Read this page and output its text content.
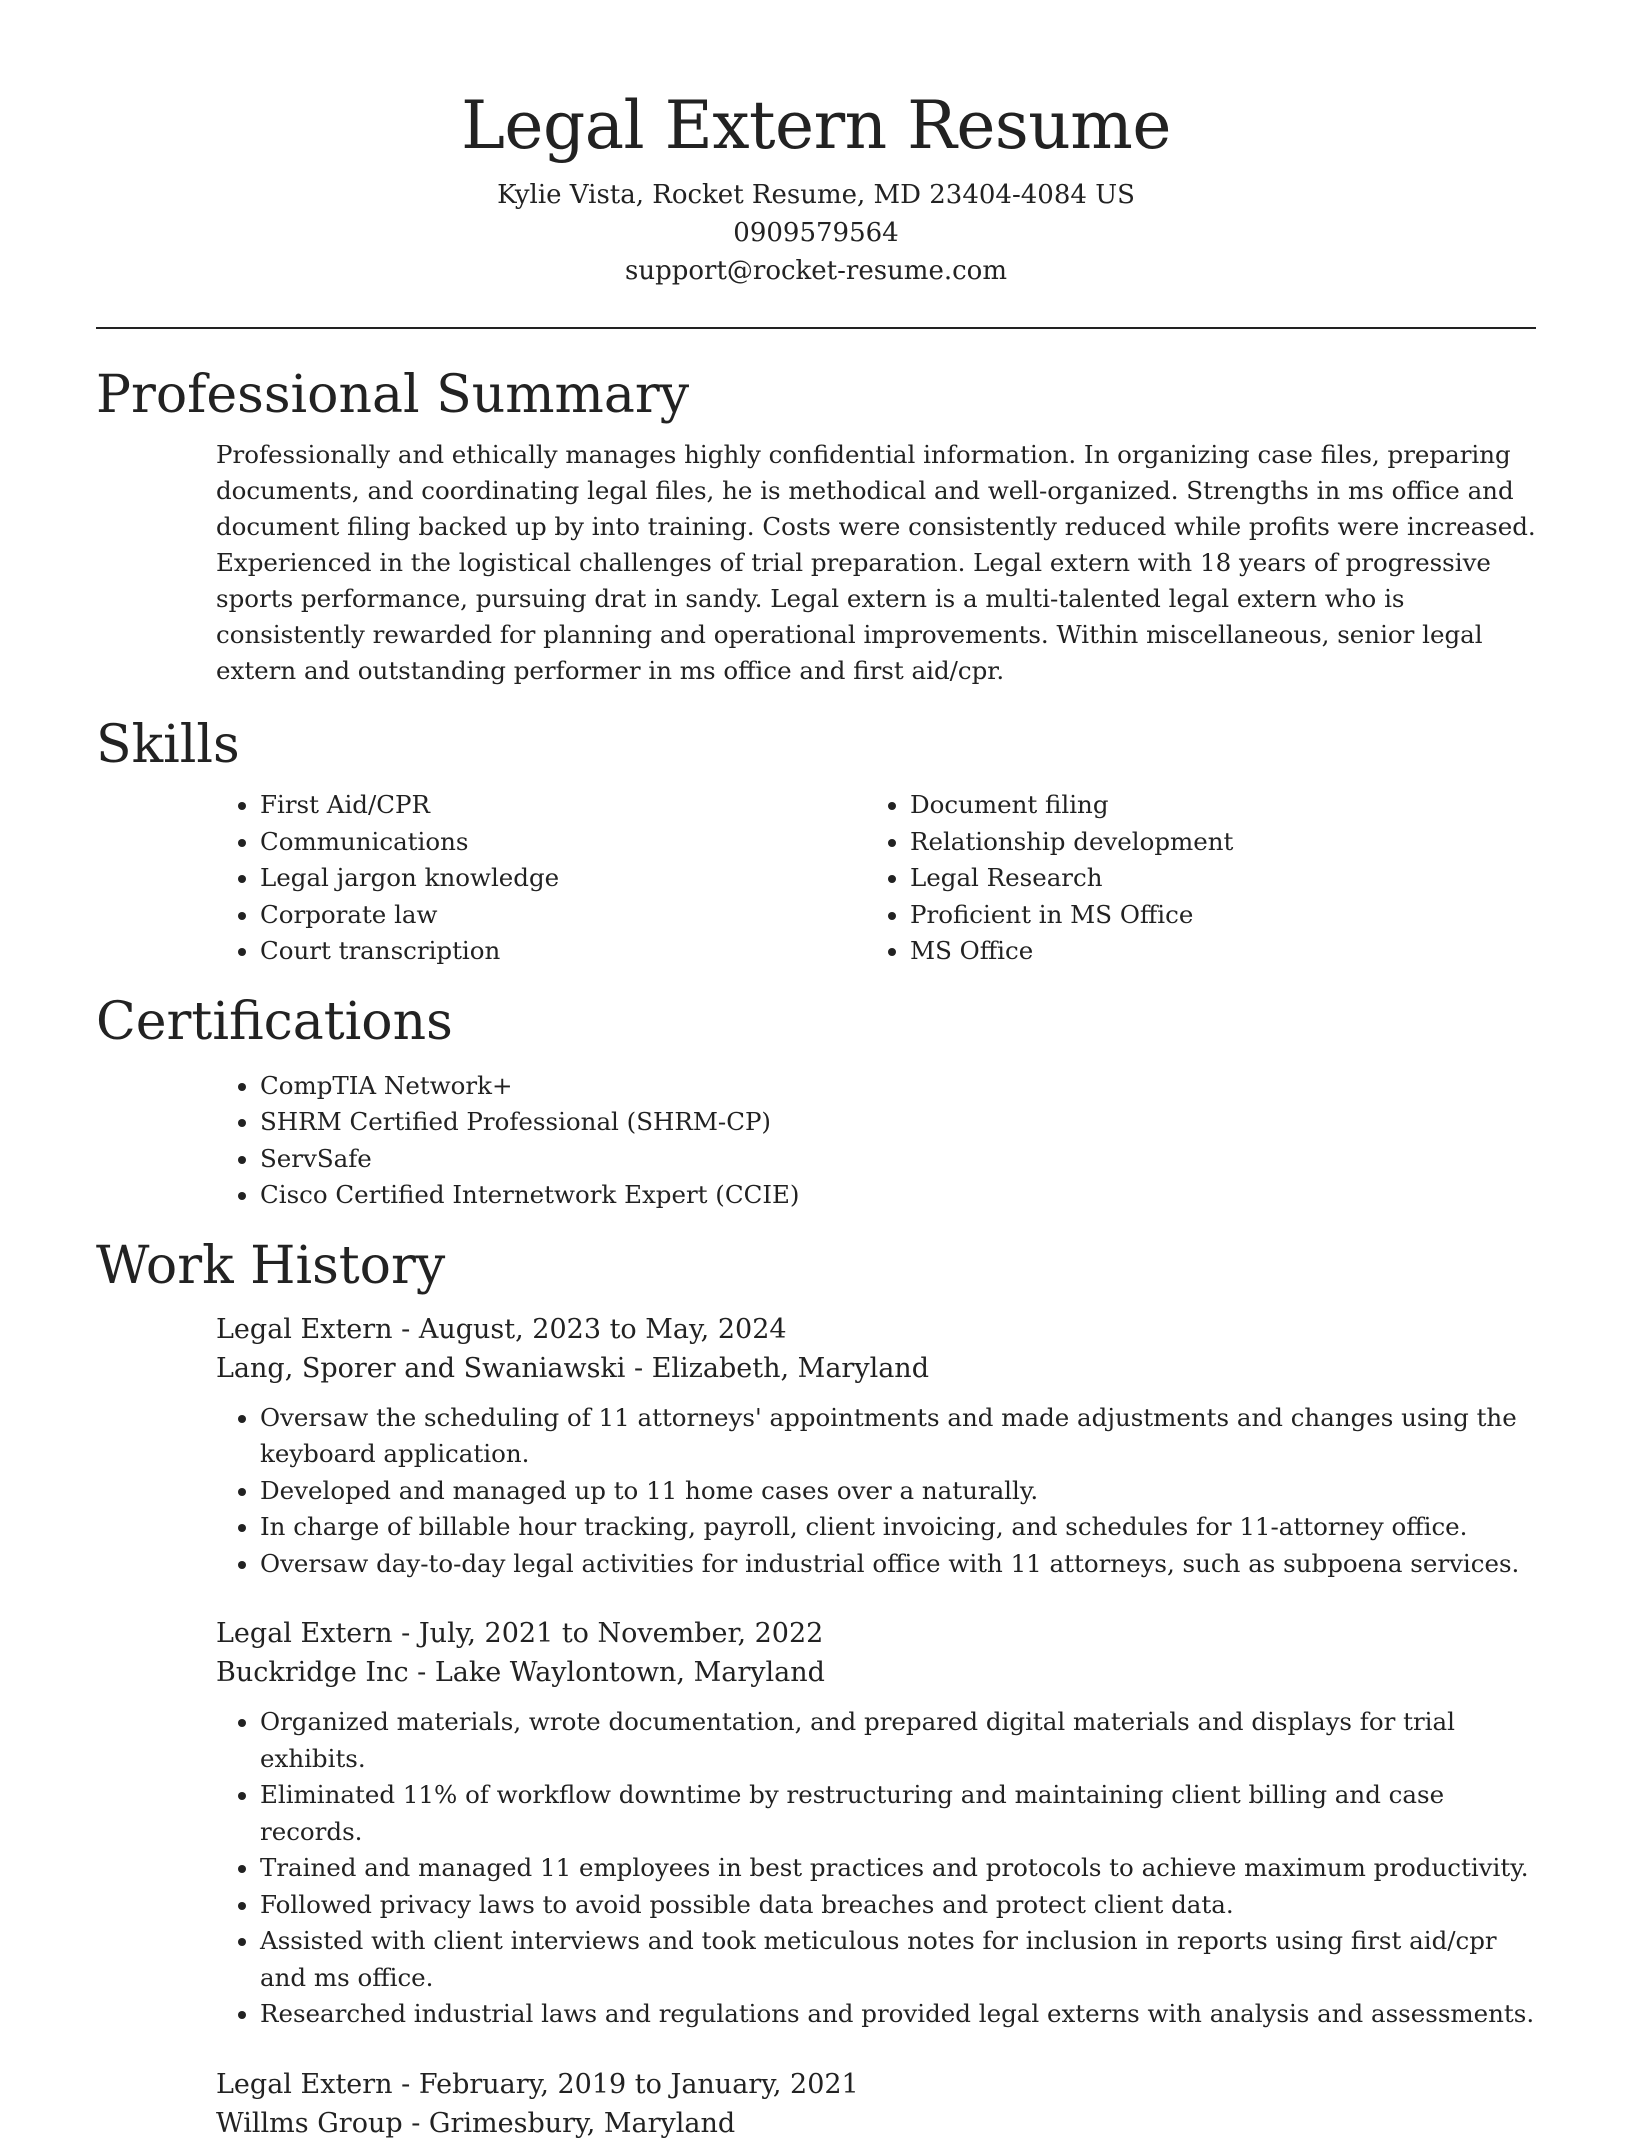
Legal Extern Resume
Kylie Vista, Rocket Resume, MD 23404-4084 US
0909579564
support@rocket-resume.com
Professional Summary

Professionally and ethically manages highly confidential information. In organizing case files, preparing documents, and coordinating legal files, he is methodical and well-organized. Strengths in ms office and document filing backed up by into training. Costs were consistently reduced while profits were increased. Experienced in the logistical challenges of trial preparation. Legal extern with 18 years of progressive sports performance, pursuing drat in sandy. Legal extern is a multi-talented legal extern who is consistently rewarded for planning and operational improvements. Within miscellaneous, senior legal extern and outstanding performer in ms office and first aid/cpr.

Skills
• First Aid/CPR
• Communications
• Legal jargon knowledge
• Corporate law
• Court transcription
• Document filing
• Relationship development
• Legal Research
• Proficient in MS Office
• MS Office
Certifications
• CompTIA Network+
• SHRM Certified Professional (SHRM-CP)
• ServSafe
• Cisco Certified Internetwork Expert (CCIE)
Work History
Legal Extern - August, 2023 to May, 2024
Lang, Sporer and Swaniawski - Elizabeth, Maryland
• Oversaw the scheduling of 11 attorneys' appointments and made adjustments and changes using the keyboard application.
• Developed and managed up to 11 home cases over a naturally.
• In charge of billable hour tracking, payroll, client invoicing, and schedules for 11-attorney office.
• Oversaw day-to-day legal activities for industrial office with 11 attorneys, such as subpoena services.
Legal Extern - July, 2021 to November, 2022
Buckridge Inc - Lake Waylontown, Maryland
• Organized materials, wrote documentation, and prepared digital materials and displays for trial exhibits.
• Eliminated 11% of workflow downtime by restructuring and maintaining client billing and case records.
• Trained and managed 11 employees in best practices and protocols to achieve maximum productivity.
• Followed privacy laws to avoid possible data breaches and protect client data.
• Assisted with client interviews and took meticulous notes for inclusion in reports using first aid/cpr and ms office.
• Researched industrial laws and regulations and provided legal externs with analysis and assessments.
Legal Extern - February, 2019 to January, 2021
Willms Group - Grimesbury, Maryland
